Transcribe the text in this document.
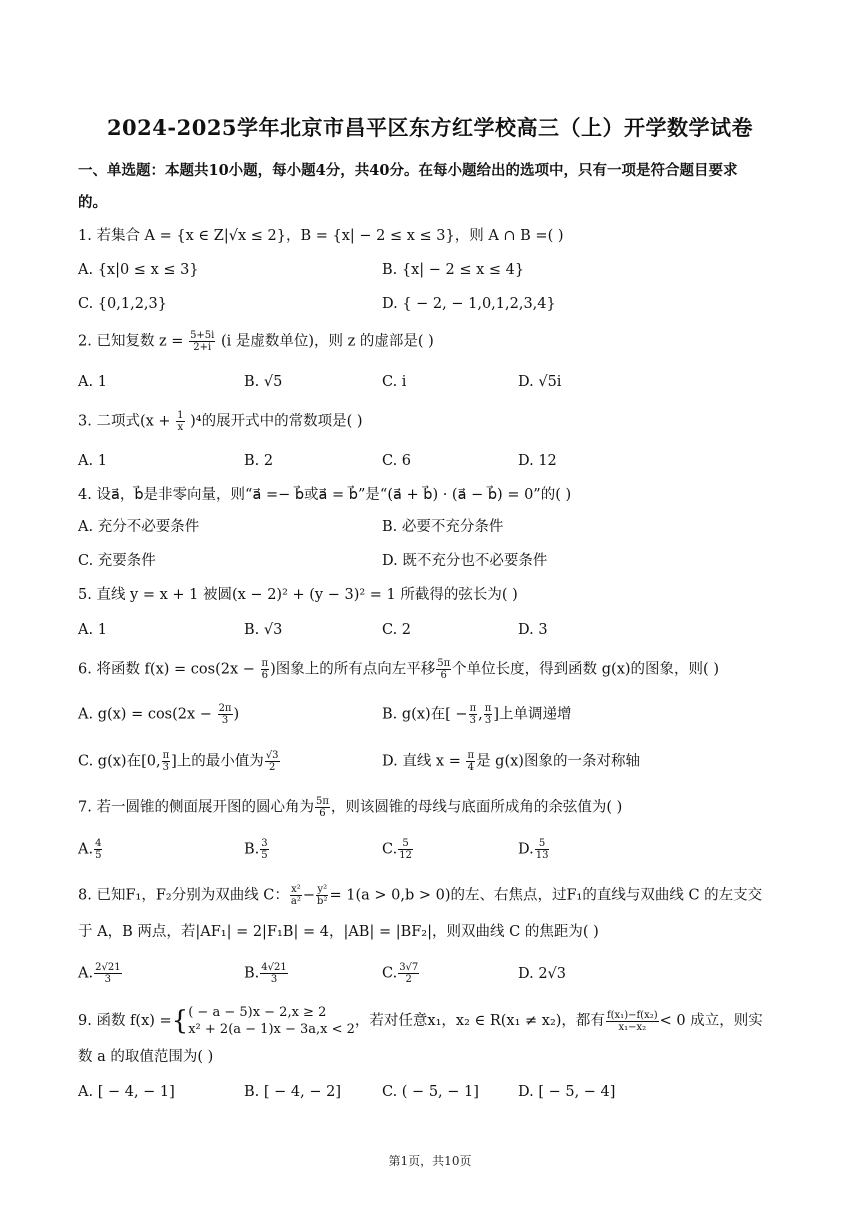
2024-2025学年北京市昌平区东方红学校高三（上）开学数学试卷
一、单选题：本题共10小题，每小题4分，共40分。在每小题给出的选项中，只有一项是符合题目要求
的。
1. 若集合 A = {x ∈ Z|√x ≤ 2}，B = {x| − 2 ≤ x ≤ 3}，则 A ∩ B =( )
A. {x|0 ≤ x ≤ 3}	B. {x| − 2 ≤ x ≤ 4}
C. {0,1,2,3}	D. { − 2, − 1,0,1,2,3,4}
2. 已知复数 $z = \frac{5+5i}{2+i} (i$ 是虚数单位)，则 z 的虚部是( )
A. 1	B. √5	C. i	D. √5i
3. 二项式$(x + \frac{1}{x} )^4$的展开式中的常数项是( )
A. 1	B. 2	C. 6	D. 12
4. 设a⃗，b⃗是非零向量，则“a⃗ =− b⃗或a⃗ = b⃗”是“(a⃗ + b⃗) · (a⃗ − b⃗) = 0”的( )
A. 充分不必要条件	B. 必要不充分条件
C. 充要条件	D. 既不充分也不必要条件
5. 直线 y = x + 1 被圆(x − 2)² + (y − 3)² = 1 所截得的弦长为( )
A. 1	B. √3	C. 2	D. 3
6. 将函数 $f(x) = \cos(2x - \frac{\pi}{6}$ )图象上的所有点向左平移 $\frac{5\pi}{6}$ 个单位长度，得到函数 g(x)的图象，则( )
A. $g(x) = \cos(2x - \frac{2\pi}{3}$ )	B. g(x)在[ − $\frac{\pi}{3}$ , $\frac{\pi}{3}$ ]上单调递增
C. g(x)在[0, $\frac{\pi}{3}$ ]上的最小值为 $\frac{√3}{2}$	D. 直线 $x = \frac{\pi}{4}$ 是 g(x)图象的一条对称轴
7. 若一圆锥的侧面展开图的圆心角为 $\frac{5\pi}{6}$ ，则该圆锥的母线与底面所成角的余弦值为( )
A. $\frac{4}{5}$	B. $\frac{3}{5}$	C. $\frac{5}{12}$	D. $\frac{5}{13}$
8. 已知F₁，F₂分别为双曲线 C： $\frac{\text{x²}}{\text{a²}} - \frac{\text{y²}}{\text{b²}} = 1(a > 0,b > 0)$的左、右焦点，过F₁的直线与双曲线 C 的左支交
于 A，B 两点，若|AF₁| = 2|F₁B| = 4，|AB| = |BF₂|，则双曲线 C 的焦距为( )
A. $\frac{2√21}{3}$	B. $\frac{4√21}{3}$	C. $\frac{3√7}{2}$	D. 2√3
9. 函数 f(x) ={ ( − a − 5)x − 2,x ≥ 2
x² + 2(a − 1)x − 3a,x < 2
，若对任意x₁，x₂ ∈ R(x₁ ≠ x₂)，都有 $\frac{\text{f(x₁)−f(x₂)}}{\text{x₁−x₂}} < 0$ 成立，则实
数 a 的取值范围为( )
A. [ − 4, − 1]	B. [ − 4, − 2]	C. ( − 5, − 1]	D. [ − 5, − 4]
第1页，共10页
